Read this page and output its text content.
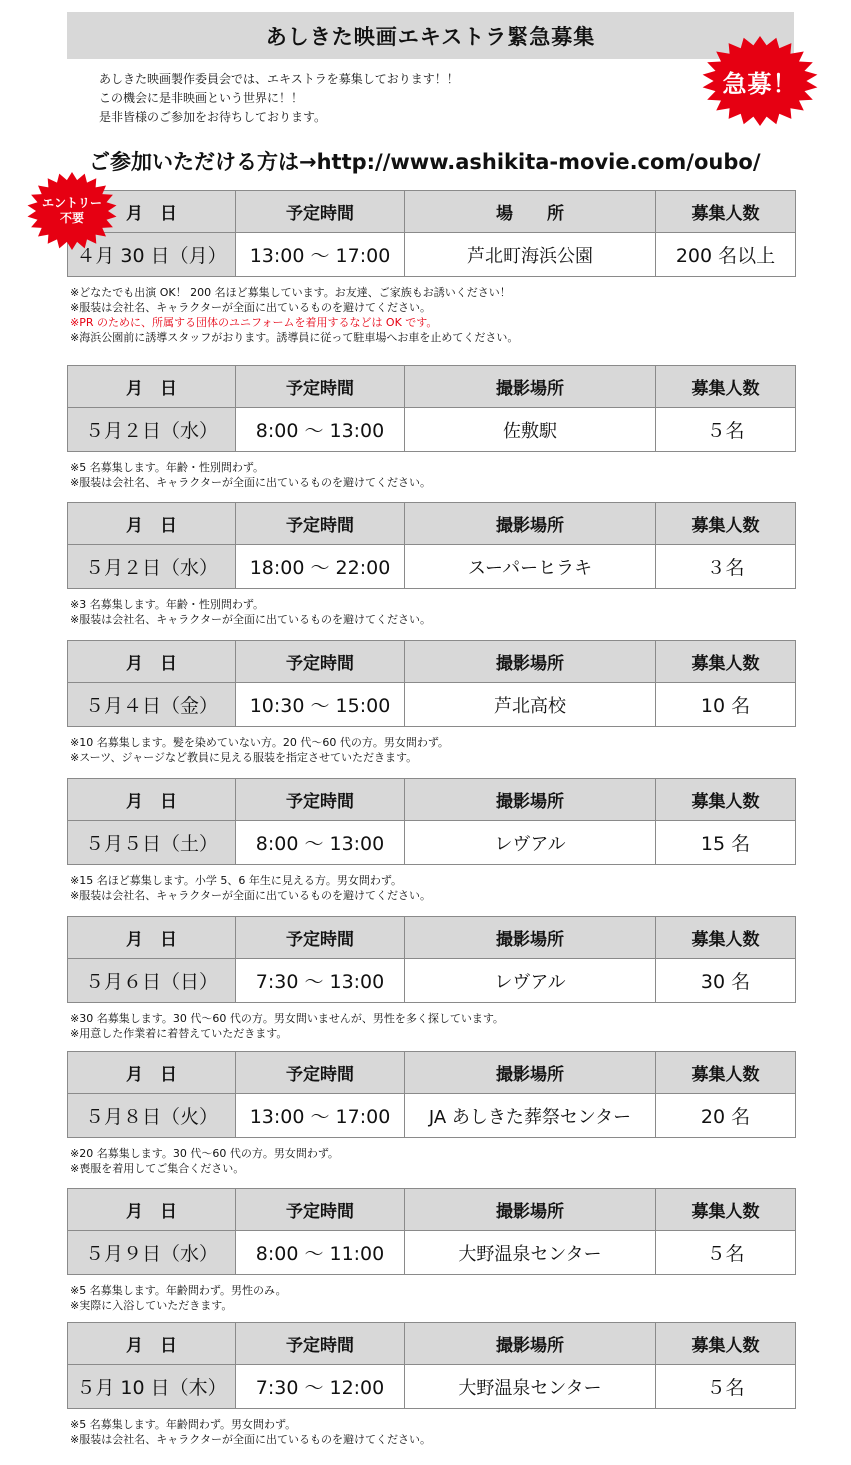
あしきた映画エキストラ緊急募集
あしきた映画製作委員会では、エキストラを募集しております！！
この機会に是非映画という世界に！！
是非皆様のご参加をお待ちしております。
ご参加いただける方は→http://www.ashikita-movie.com/oubo/
急募！
月　日	予定時間	場　　所	募集人数
４月 30 日（月）	13:00 ～ 17:00	芦北町海浜公園	200 名以上
※どなたでも出演 OK！ 200 名ほど募集しています。お友達、ご家族もお誘いください！
※服装は会社名、キャラクターが全面に出ているものを避けてください。
※PR のために、所属する団体のユニフォームを着用するなどは OK です。
※海浜公園前に誘導スタッフがおります。誘導員に従って駐車場へお車を止めてください。
月　日	予定時間	撮影場所	募集人数
５月２日（水）	8:00 ～ 13:00	佐敷駅	５名
※5 名募集します。年齢・性別問わず。
※服装は会社名、キャラクターが全面に出ているものを避けてください。
月　日	予定時間	撮影場所	募集人数
５月２日（水）	18:00 ～ 22:00	スーパーヒラキ	３名
※3 名募集します。年齢・性別問わず。
※服装は会社名、キャラクターが全面に出ているものを避けてください。
月　日	予定時間	撮影場所	募集人数
５月４日（金）	10:30 ～ 15:00	芦北高校	10 名
※10 名募集します。髪を染めていない方。20 代～60 代の方。男女問わず。
※スーツ、ジャージなど教員に見える服装を指定させていただきます。
月　日	予定時間	撮影場所	募集人数
５月５日（土）	8:00 ～ 13:00	レヴアル	15 名
※15 名ほど募集します。小学 5、6 年生に見える方。男女問わず。
※服装は会社名、キャラクターが全面に出ているものを避けてください。
月　日	予定時間	撮影場所	募集人数
５月６日（日）	7:30 ～ 13:00	レヴアル	30 名
※30 名募集します。30 代～60 代の方。男女問いませんが、男性を多く探しています。
※用意した作業着に着替えていただきます。
月　日	予定時間	撮影場所	募集人数
５月８日（火）	13:00 ～ 17:00	JA あしきた葬祭センター	20 名
※20 名募集します。30 代～60 代の方。男女問わず。
※喪服を着用してご集合ください。
月　日	予定時間	撮影場所	募集人数
５月９日（水）	8:00 ～ 11:00	大野温泉センター	５名
※5 名募集します。年齢問わず。男性のみ。
※実際に入浴していただきます。
月　日	予定時間	撮影場所	募集人数
５月 10 日（木）	7:30 ～ 12:00	大野温泉センター	５名
※5 名募集します。年齢問わず。男女問わず。
※服装は会社名、キャラクターが全面に出ているものを避けてください。
エントリー
不要
